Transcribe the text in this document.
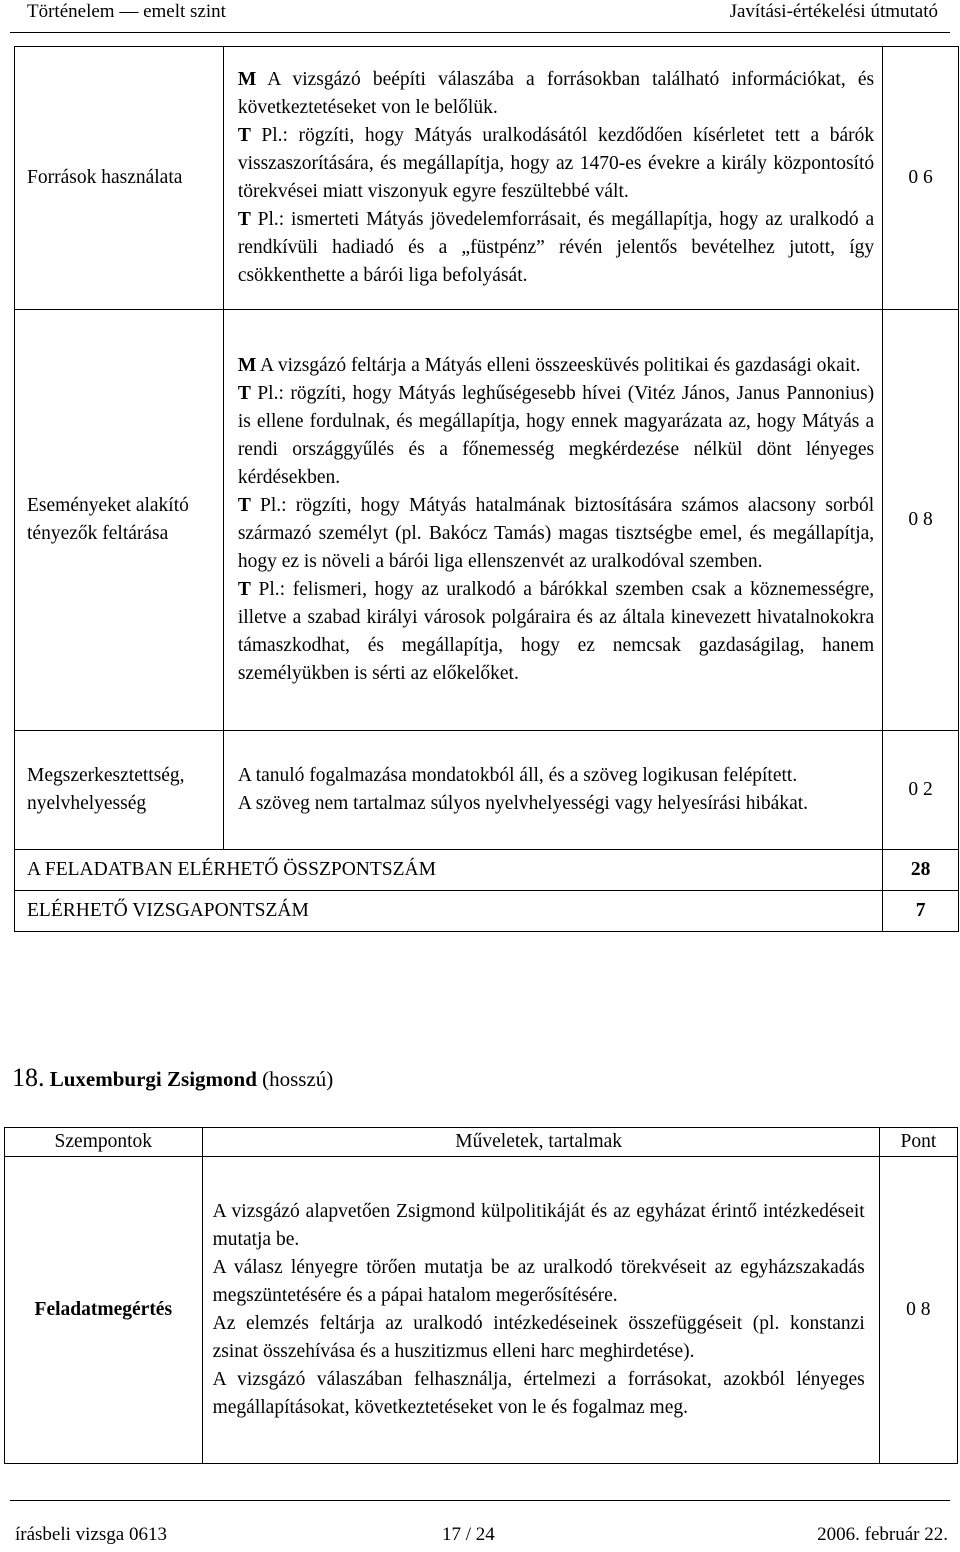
Történelem — emelt szint	Javítási-értékelési útmutató
Források használata	M A vizsgázó beépíti válaszába a forrásokban található információkat, és következtetéseket von le belőlük.

T Pl.: rögzíti, hogy Mátyás uralkodásától kezdődően kísérletet tett a bárók visszaszorítására, és megállapítja, hogy az 1470-es évekre a király központosító törekvései miatt viszonyuk egyre feszültebbé vált.

T Pl.: ismerteti Mátyás jövedelemforrásait, és megállapítja, hogy az uralkodó a rendkívüli hadiadó és a „füstpénz” révén jelentős bevételhez jutott, így csökkenthette a bárói liga befolyását.	0 6
Eseményeket alakító tényezők feltárása	M A vizsgázó feltárja a Mátyás elleni összeesküvés politikai és gazdasági okait.

T Pl.: rögzíti, hogy Mátyás leghűségesebb hívei (Vitéz János, Janus Pannonius) is ellene fordulnak, és megállapítja, hogy ennek magyarázata az, hogy Mátyás a rendi országgyűlés és a főnemesség megkérdezése nélkül dönt lényeges kérdésekben.

T Pl.: rögzíti, hogy Mátyás hatalmának biztosítására számos alacsony sorból származó személyt (pl. Bakócz Tamás) magas tisztségbe emel, és megállapítja, hogy ez is növeli a bárói liga ellenszenvét az uralkodóval szemben.

T Pl.: felismeri, hogy az uralkodó a bárókkal szemben csak a köznemességre, illetve a szabad királyi városok polgáraira és az általa kinevezett hivatalnokokra támaszkodhat, és megállapítja, hogy ez nemcsak gazdaságilag, hanem személyükben is sérti az előkelőket.	0 8
Megszerkesztettség, nyelvhelyesség	A tanuló fogalmazása mondatokból áll, és a szöveg logikusan felépített.

A szöveg nem tartalmaz súlyos nyelvhelyességi vagy helyesírási hibákat.	0 2
A FELADATBAN ELÉRHETŐ ÖSSZPONTSZÁM		28
ELÉRHETŐ VIZSGAPONTSZÁM		7
18. Luxemburgi Zsigmond (hosszú)
Szempontok	Műveletek, tartalmak	Pont
Feladatmegértés	A vizsgázó alapvetően Zsigmond külpolitikáját és az egyházat érintő intézkedéseit mutatja be.

A válasz lényegre törően mutatja be az uralkodó törekvéseit az egyházszakadás megszüntetésére és a pápai hatalom megerősítésére.

Az elemzés feltárja az uralkodó intézkedéseinek összefüggéseit (pl. konstanzi zsinat összehívása és a huszitizmus elleni harc meghirdetése).

A vizsgázó válaszában felhasználja, értelmezi a forrásokat, azokból lényeges megállapításokat, következtetéseket von le és fogalmaz meg.	0 8
írásbeli vizsga 0613	17 / 24	2006. február 22.
